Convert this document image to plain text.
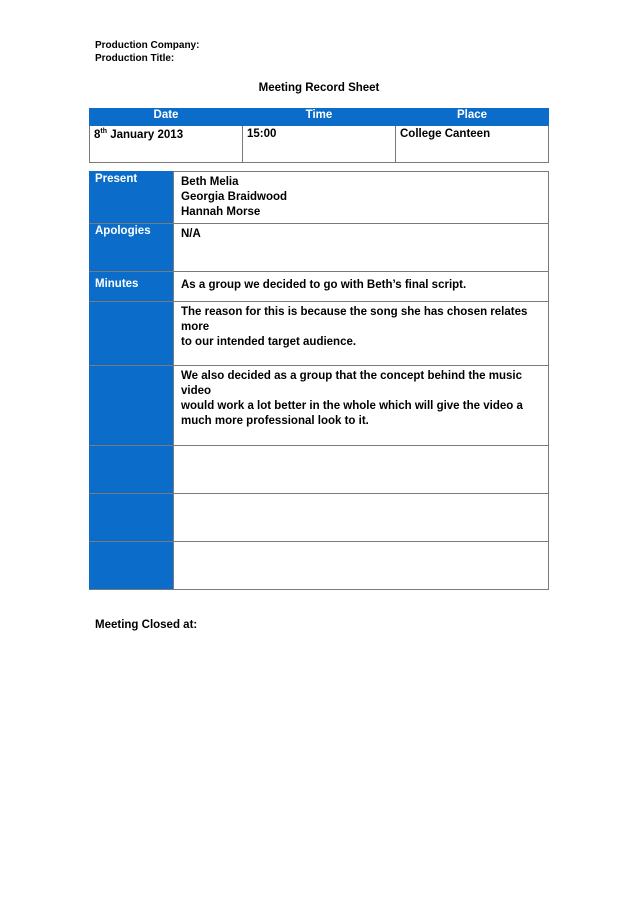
Production Company:
Production Title:
Meeting Record Sheet
Date	Time	Place
8th January 2013	15:00	College Canteen
Present	Beth Melia
Georgia Braidwood
Hannah Morse

Apologies	N/A
Minutes	As a group we decided to go with Beth’s final script.

	The reason for this is because the song she has chosen relates more
to our intended target audience.

	We also decided as a group that the concept behind the music video
would work a lot better in the whole which will give the video a
much more professional look to it.

Meeting Closed at:
